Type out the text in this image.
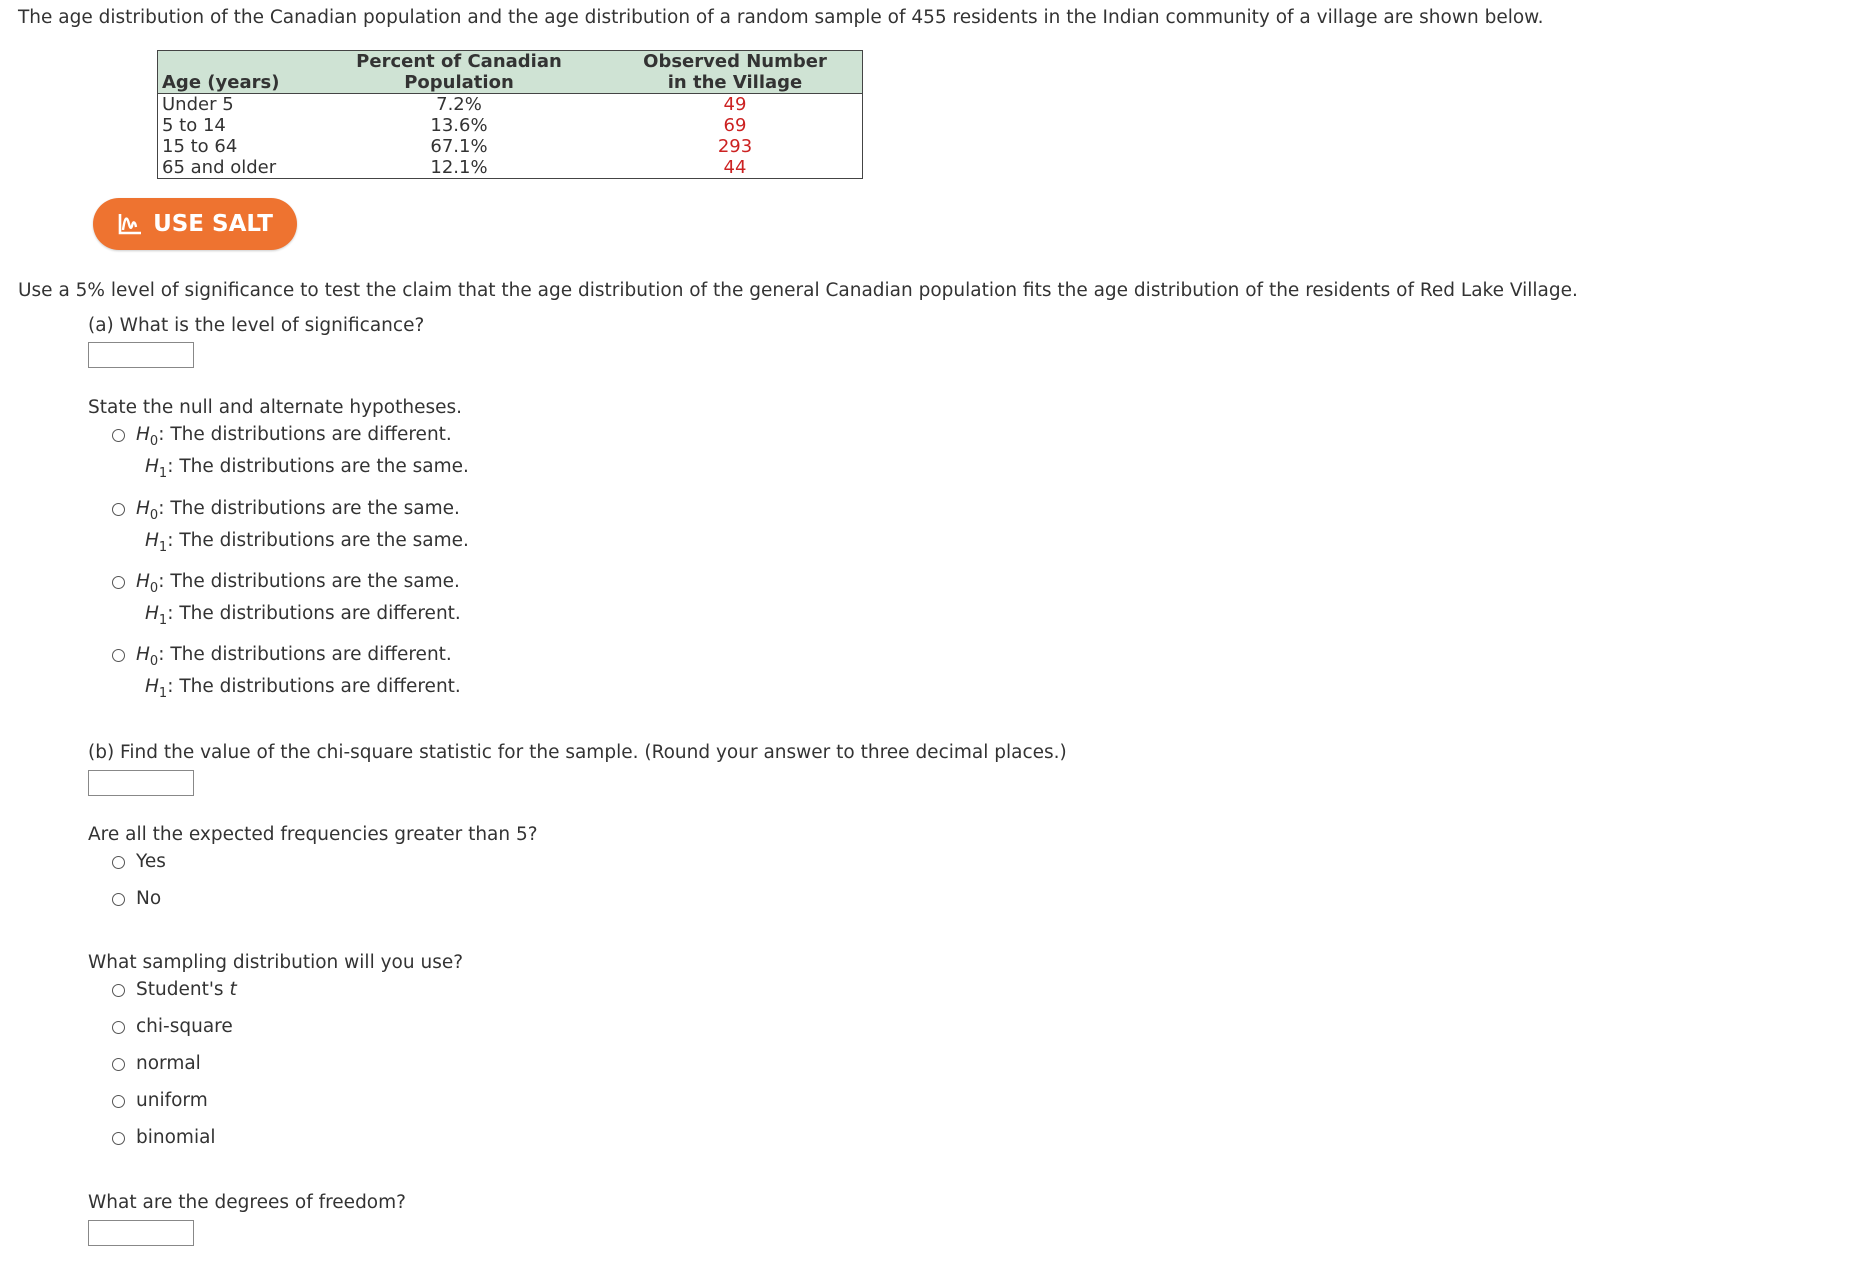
The age distribution of the Canadian population and the age distribution of a random sample of 455 residents in the Indian community of a village are shown below.
Age (years)	Percent of Canadian Population	Observed Number
in the Village
Under 5	7.2%	49
5 to 14	13.6%	69
15 to 64	67.1%	293
65 and older	12.1%	44
USE SALT
Use a 5% level of significance to test the claim that the age distribution of the general Canadian population fits the age distribution of the residents of Red Lake Village.
(a) What is the level of significance?
State the null and alternate hypotheses.
$H_0$: The distributions are different.
$H_1$: The distributions are the same.
$H_0$: The distributions are the same.
$H_1$: The distributions are the same.
$H_0$: The distributions are the same.
$H_1$: The distributions are different.
$H_0$: The distributions are different.
$H_1$: The distributions are different.
(b) Find the value of the chi-square statistic for the sample. (Round your answer to three decimal places.)
Are all the expected frequencies greater than 5?
Yes
No
What sampling distribution will you use?
Student's t
chi-square
normal
uniform
binomial
What are the degrees of freedom?
